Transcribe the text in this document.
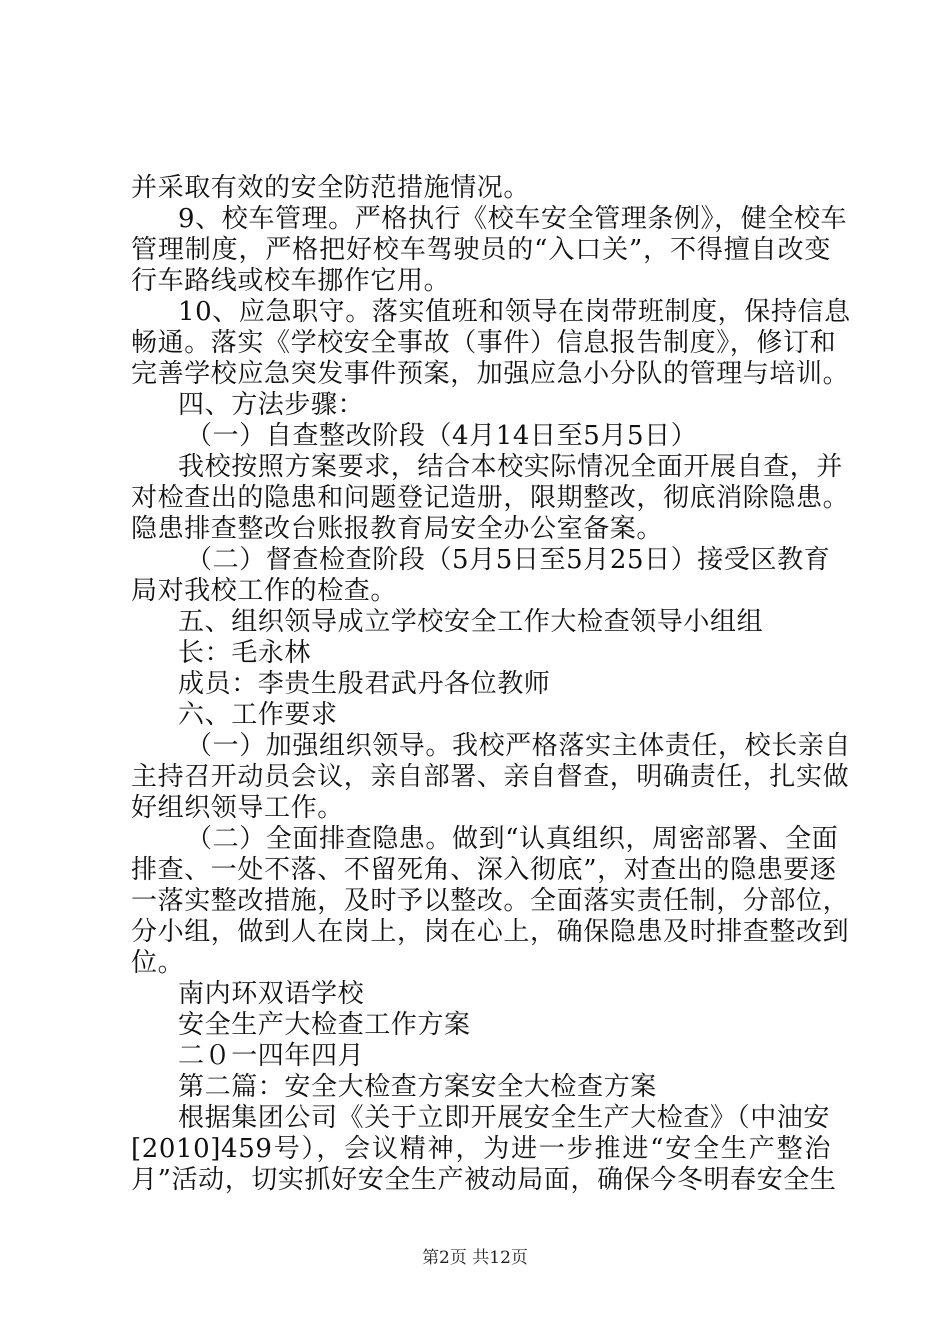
并采取有效的安全防范措施情况。
9、校车管理。严格执行《校车安全管理条例》，健全校车
管理制度，严格把好校车驾驶员的“入口关”，不得擅自改变
行车路线或校车挪作它用。
10、应急职守。落实值班和领导在岗带班制度，保持信息
畅通。落实《学校安全事故（事件）信息报告制度》，修订和
完善学校应急突发事件预案，加强应急小分队的管理与培训。
四、方法步骤：
（一）自查整改阶段（4月14日至5月5日）
我校按照方案要求，结合本校实际情况全面开展自查，并
对检查出的隐患和问题登记造册，限期整改，彻底消除隐患。
隐患排查整改台账报教育局安全办公室备案。
（二）督查检查阶段（5月5日至5月25日）接受区教育
局对我校工作的检查。
五、组织领导成立学校安全工作大检查领导小组组
长：毛永林
成员：李贵生殷君武丹各位教师
六、工作要求
（一）加强组织领导。我校严格落实主体责任，校长亲自
主持召开动员会议，亲自部署、亲自督查，明确责任，扎实做
好组织领导工作。
（二）全面排查隐患。做到“认真组织，周密部署、全面
排查、一处不落、不留死角、深入彻底”，对查出的隐患要逐
一落实整改措施，及时予以整改。全面落实责任制，分部位，
分小组，做到人在岗上，岗在心上，确保隐患及时排查整改到
位。
南内环双语学校
安全生产大检查工作方案
二０一四年四月
第二篇：安全大检查方案安全大检查方案
根据集团公司《关于立即开展安全生产大检查》（中油安
[2010]459号），会议精神，为进一步推进“安全生产整治
月”活动，切实抓好安全生产被动局面，确保今冬明春安全生
第2页 共12页
